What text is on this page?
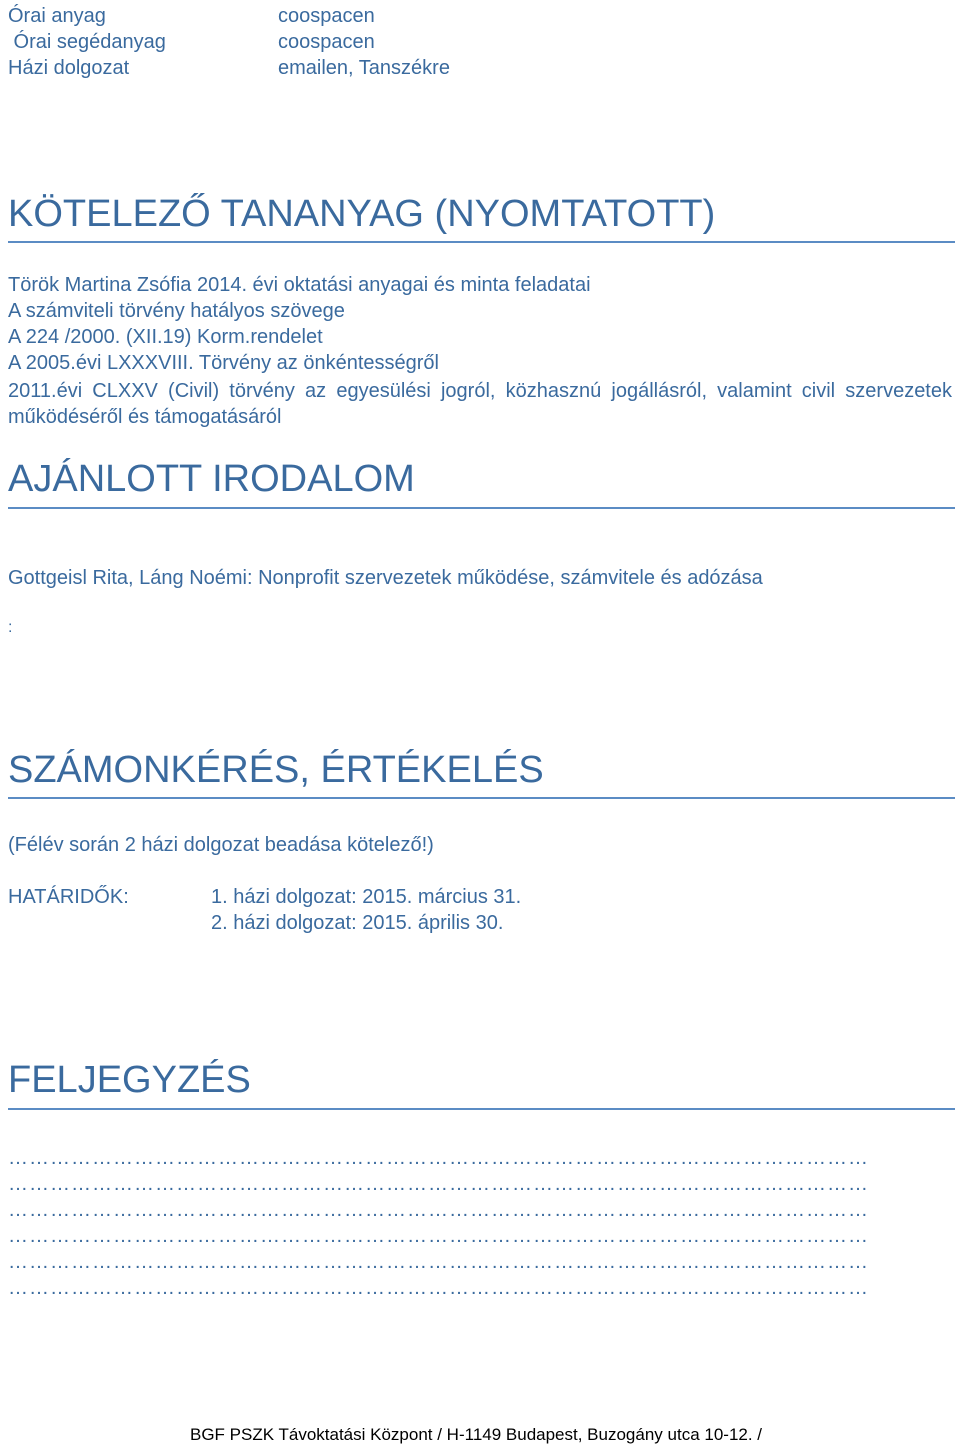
Órai anyag	coospacen
Órai segédanyag	coospacen
Házi dolgozat	emailen, Tanszékre
KÖTELEZŐ TANANYAG (NYOMTATOTT)
Török Martina Zsófia 2014. évi oktatási anyagai és minta feladatai
A számviteli törvény hatályos szövege
A 224 /2000. (XII.19) Korm.rendelet
A 2005.évi LXXXVIII. Törvény az önkéntességről
2011.évi CLXXV (Civil) törvény az egyesülési jogról, közhasznú jogállásról, valamint civil szervezetek működéséről és támogatásáról
AJÁNLOTT IRODALOM
Gottgeisl Rita, Láng Noémi: Nonprofit szervezetek működése, számvitele és adózása
:
SZÁMONKÉRÉS, ÉRTÉKELÉS
(Félév során 2 házi dolgozat beadása kötelező!)
HATÁRIDŐK:	1. házi dolgozat: 2015. március 31.
2. házi dolgozat: 2015. április 30.
FELJEGYZÉS
……………………………………………………………………………………………………………
……………………………………………………………………………………………………………
……………………………………………………………………………………………………………
……………………………………………………………………………………………………………
……………………………………………………………………………………………………………
……………………………………………………………………………………………………………
BGF PSZK Távoktatási Központ / H-1149 Budapest, Buzogány utca 10-12. /
